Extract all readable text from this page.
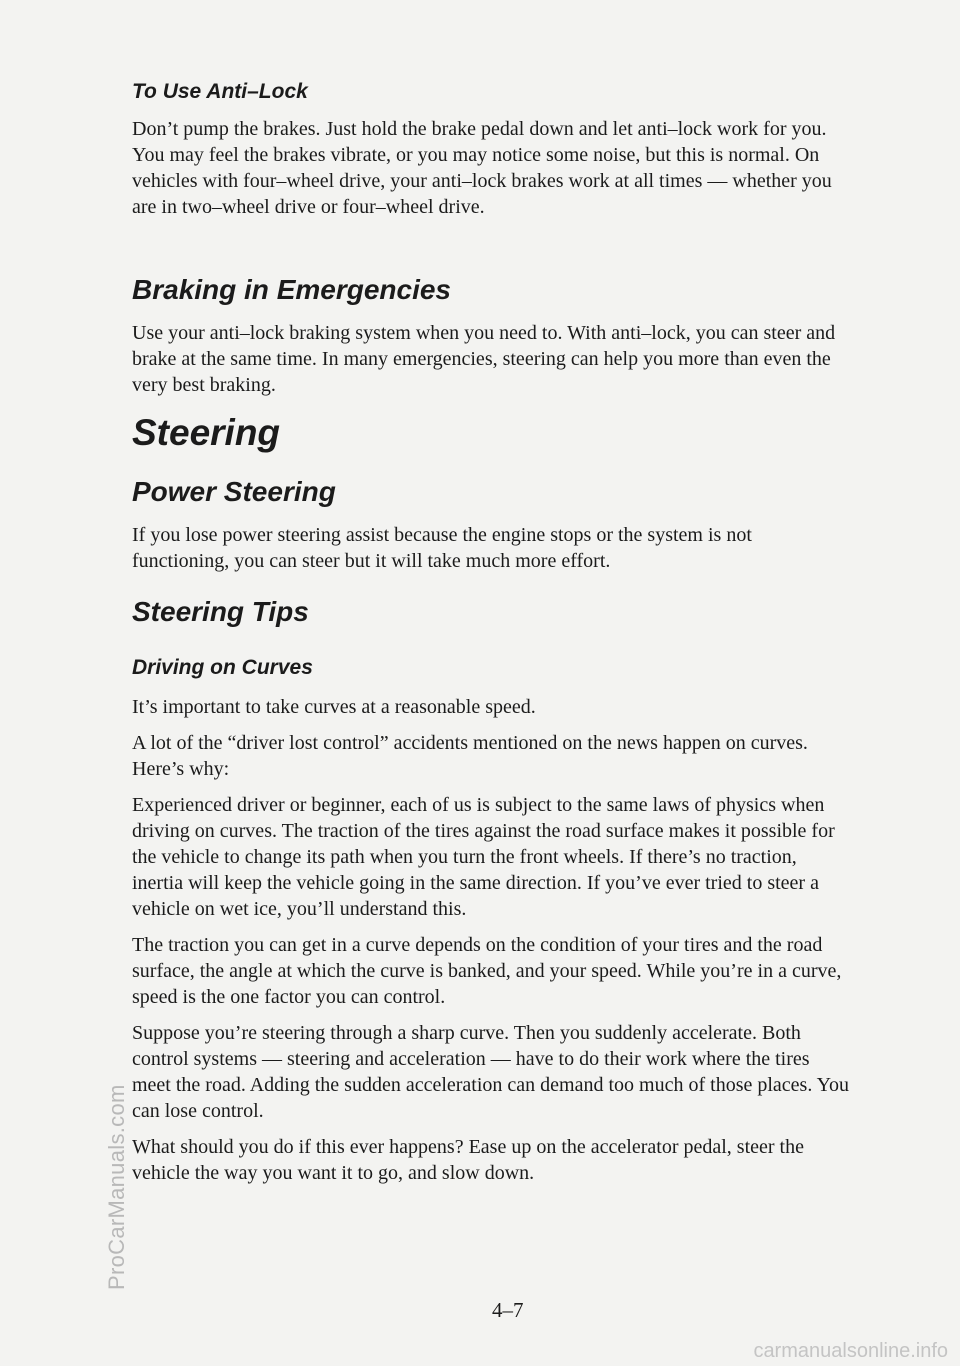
ProCarManuals.com
To Use Anti–Lock

Don’t pump the brakes. Just hold the brake pedal down and let anti–lock work for you. You may feel the brakes vibrate, or you may notice some noise, but this is normal. On vehicles with four–wheel drive, your anti–lock brakes work at all times — whether you are in two–wheel drive or four–wheel drive.

Braking in Emergencies

Use your anti–lock braking system when you need to. With anti–lock, you can steer and brake at the same time. In many emergencies, steering can help you more than even the very best braking.

Steering
Power Steering

If you lose power steering assist because the engine stops or the system is not functioning, you can steer but it will take much more effort.

Steering Tips
Driving on Curves

It’s important to take curves at a reasonable speed.

A lot of the “driver lost control” accidents mentioned on the news happen on curves. Here’s why:

Experienced driver or beginner, each of us is subject to the same laws of physics when driving on curves. The traction of the tires against the road surface makes it possible for the vehicle to change its path when you turn the front wheels. If there’s no traction, inertia will keep the vehicle going in the same direction. If you’ve ever tried to steer a vehicle on wet ice, you’ll understand this.

The traction you can get in a curve depends on the condition of your tires and the road surface, the angle at which the curve is banked, and your speed. While you’re in a curve, speed is the one factor you can control.

Suppose you’re steering through a sharp curve. Then you suddenly accelerate. Both control systems — steering and acceleration — have to do their work where the tires meet the road. Adding the sudden acceleration can demand too much of those places. You can lose control.

What should you do if this ever happens? Ease up on the accelerator pedal, steer the vehicle the way you want it to go, and slow down.

4–7
carmanualsonline.info
